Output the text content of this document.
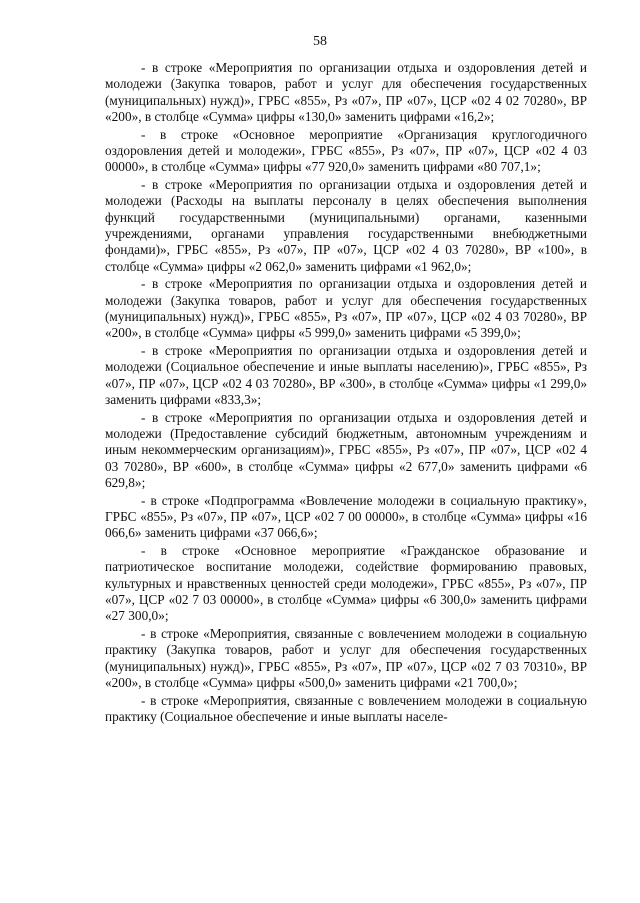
58

- в строке «Мероприятия по организации отдыха и оздоровления детей и молодежи (Закупка товаров, работ и услуг для обеспечения государственных (муниципальных) нужд)», ГРБС «855», Рз «07», ПР «07», ЦСР «02 4 02 70280», ВР «200», в столбце «Сумма» цифры «130,0» заменить цифрами «16,2»;

- в строке «Основное мероприятие «Организация круглогодичного оздоровления детей и молодежи», ГРБС «855», Рз «07», ПР «07», ЦСР «02 4 03 00000», в столбце «Сумма» цифры «77 920,0» заменить цифрами «80 707,1»;

- в строке «Мероприятия по организации отдыха и оздоровления детей и молодежи (Расходы на выплаты персоналу в целях обеспечения выполнения функций государственными (муниципальными) органами, казенными учреждениями, органами управления государственными внебюджетными фондами)», ГРБС «855», Рз «07», ПР «07», ЦСР «02 4 03 70280», ВР «100», в столбце «Сумма» цифры «2 062,0» заменить цифрами «1 962,0»;

- в строке «Мероприятия по организации отдыха и оздоровления детей и молодежи (Закупка товаров, работ и услуг для обеспечения государственных (муниципальных) нужд)», ГРБС «855», Рз «07», ПР «07», ЦСР «02 4 03 70280», ВР «200», в столбце «Сумма» цифры «5 999,0» заменить цифрами «5 399,0»;

- в строке «Мероприятия по организации отдыха и оздоровления детей и молодежи (Социальное обеспечение и иные выплаты населению)», ГРБС «855», Рз «07», ПР «07», ЦСР «02 4 03 70280», ВР «300», в столбце «Сумма» цифры «1 299,0» заменить цифрами «833,3»;

- в строке «Мероприятия по организации отдыха и оздоровления детей и молодежи (Предоставление субсидий бюджетным, автономным учреждениям и иным некоммерческим организациям)», ГРБС «855», Рз «07», ПР «07», ЦСР «02 4 03 70280», ВР «600», в столбце «Сумма» цифры «2 677,0» заменить цифрами «6 629,8»;

- в строке «Подпрограмма «Вовлечение молодежи в социальную практику», ГРБС «855», Рз «07», ПР «07», ЦСР «02 7 00 00000», в столбце «Сумма» цифры «16 066,6» заменить цифрами «37 066,6»;

- в строке «Основное мероприятие «Гражданское образование и патриотическое воспитание молодежи, содействие формированию правовых, культурных и нравственных ценностей среди молодежи», ГРБС «855», Рз «07», ПР «07», ЦСР «02 7 03 00000», в столбце «Сумма» цифры «6 300,0» заменить цифрами «27 300,0»;

- в строке «Мероприятия, связанные с вовлечением молодежи в социальную практику (Закупка товаров, работ и услуг для обеспечения государственных (муниципальных) нужд)», ГРБС «855», Рз «07», ПР «07», ЦСР «02 7 03 70310», ВР «200», в столбце «Сумма» цифры «500,0» заменить цифрами «21 700,0»;

- в строке «Мероприятия, связанные с вовлечением молодежи в социальную практику (Социальное обеспечение и иные выплаты населе-
